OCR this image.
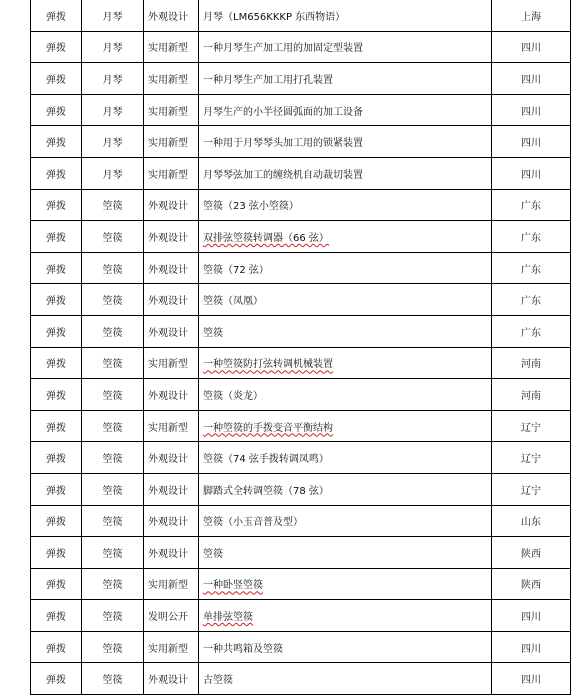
弹拨	月琴	外观设计	月琴（LM656KKKP 东西物语）	上海
弹拨	月琴	实用新型	一种月琴生产加工用的加固定型装置	四川
弹拨	月琴	实用新型	一种月琴生产加工用打孔装置	四川
弹拨	月琴	实用新型	月琴生产的小半径圆弧面的加工设备	四川
弹拨	月琴	实用新型	一种用于月琴琴头加工用的锁紧装置	四川
弹拨	月琴	实用新型	月琴琴弦加工的缠绕机自动裁切装置	四川
弹拨	箜篌	外观设计	箜篌（23 弦小箜篌）	广东
弹拨	箜篌	外观设计	双排弦箜篌转调器（66 弦）	广东
弹拨	箜篌	外观设计	箜篌（72 弦）	广东
弹拨	箜篌	外观设计	箜篌（凤凰）	广东
弹拨	箜篌	外观设计	箜篌	广东
弹拨	箜篌	实用新型	一种箜篌防打弦转调机械装置	河南
弹拨	箜篌	外观设计	箜篌（炎龙）	河南
弹拨	箜篌	实用新型	一种箜篌的手拨变音平衡结构	辽宁
弹拨	箜篌	外观设计	箜篌（74 弦手拨转调凤鸣）	辽宁
弹拨	箜篌	外观设计	脚踏式全转调箜篌（78 弦）	辽宁
弹拨	箜篌	外观设计	箜篌（小玉音普及型）	山东
弹拨	箜篌	外观设计	箜篌	陕西
弹拨	箜篌	实用新型	一种卧竖箜篌	陕西
弹拨	箜篌	发明公开	单排弦箜篌	四川
弹拨	箜篌	实用新型	一种共鸣箱及箜篌	四川
弹拨	箜篌	外观设计	古箜篌	四川
